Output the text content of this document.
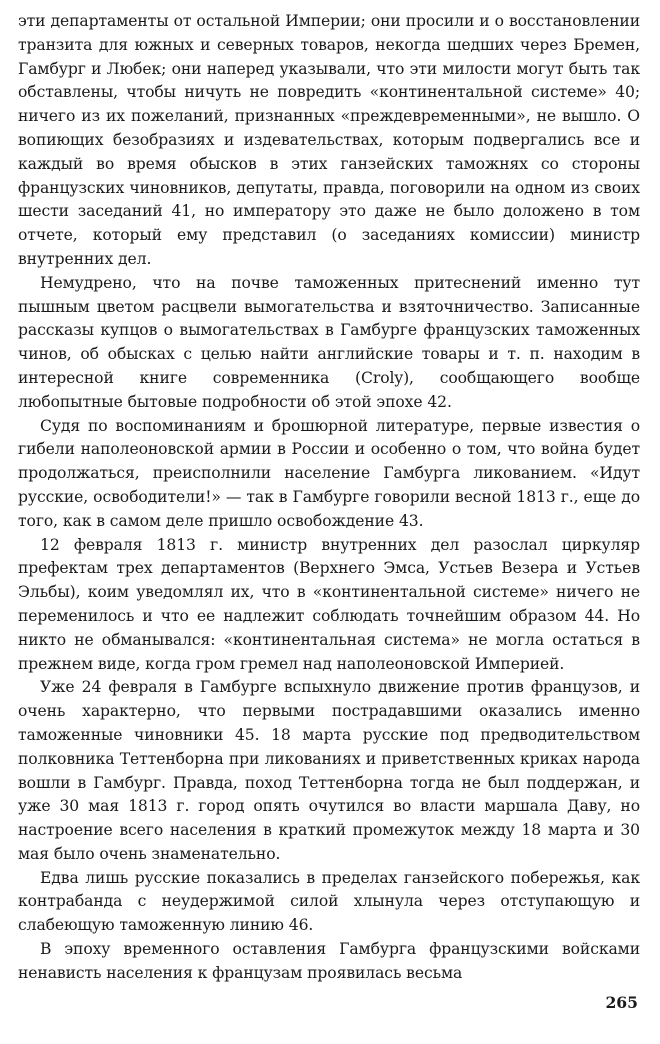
эти департаменты от остальной Империи; они просили и о восстановлении транзита для южных и северных товаров, некогда шедших через Бремен, Гамбург и Любек; они наперед указывали, что эти милости могут быть так обставлены, чтобы ничуть не повредить «континентальной системе» 40; ничего из их пожеланий, признанных «преждевременными», не вышло. О вопиющих безобразиях и издевательствах, которым подвергались все и каждый во время обысков в этих ганзейских таможнях со стороны французских чиновников, депутаты, правда, поговорили на одном из своих шести заседаний 41, но императору это даже не было доложено в том отчете, который ему представил (о заседаниях комиссии) министр внутренних дел.

Немудрено, что на почве таможенных притеснений именно тут пышным цветом расцвели вымогательства и взяточничество. Записанные рассказы купцов о вымогательствах в Гамбурге французских таможенных чинов, об обысках с целью найти английские товары и т. п. находим в интересной книге современника (Croly), сообщающего вообще любопытные бытовые подробности об этой эпохе 42.

Судя по воспоминаниям и брошюрной литературе, первые известия о гибели наполеоновской армии в России и особенно о том, что война будет продолжаться, преисполнили население Гамбурга ликованием. «Идут русские, освободители!» — так в Гамбурге говорили весной 1813 г., еще до того, как в самом деле пришло освобождение 43.

12 февраля 1813 г. министр внутренних дел разослал циркуляр префектам трех департаментов (Верхнего Эмса, Устьев Везера и Устьев Эльбы), коим уведомлял их, что в «континентальной системе» ничего не переменилось и что ее надлежит соблюдать точнейшим образом 44. Но никто не обманывался: «континентальная система» не могла остаться в прежнем виде, когда гром гремел над наполеоновской Империей.

Уже 24 февраля в Гамбурге вспыхнуло движение против французов, и очень характерно, что первыми пострадавшими оказались именно таможенные чиновники 45. 18 марта русские под предводительством полковника Теттенборна при ликованиях и приветственных криках народа вошли в Гамбург. Правда, поход Теттенборна тогда не был поддержан, и уже 30 мая 1813 г. город опять очутился во власти маршала Даву, но настроение всего населения в краткий промежуток между 18 марта и 30 мая было очень знаменательно.

Едва лишь русские показались в пределах ганзейского побережья, как контрабанда с неудержимой силой хлынула через отступающую и слабеющую таможенную линию 46.

В эпоху временного оставления Гамбурга французскими войсками ненависть населения к французам проявилась весьма

265
